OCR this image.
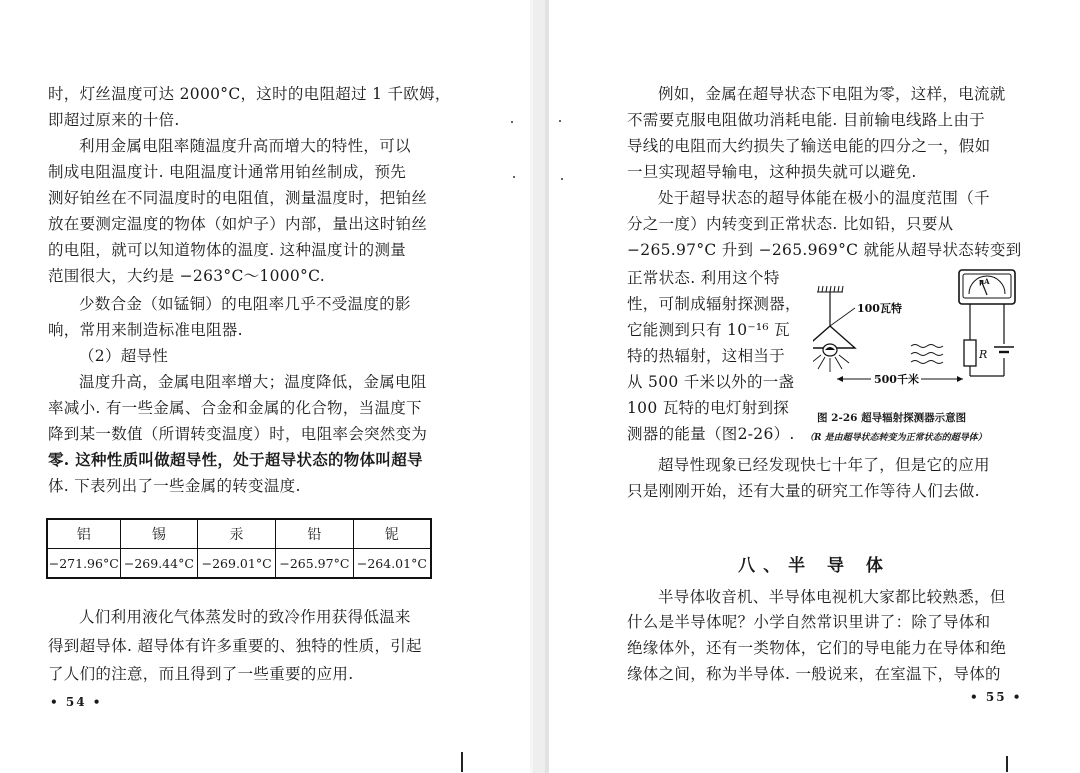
时，灯丝温度可达 2000°C，这时的电阻超过 1 千欧姆，
即超过原来的十倍.
利用金属电阻率随温度升高而增大的特性，可以
制成电阻温度计. 电阻温度计通常用铂丝制成，预先
测好铂丝在不同温度时的电阻值，测量温度时，把铂丝
放在要测定温度的物体（如炉子）内部，量出这时铂丝
的电阻，就可以知道物体的温度. 这种温度计的测量
范围很大，大约是 −263°C～1000°C.
少数合金（如锰铜）的电阻率几乎不受温度的影
响，常用来制造标准电阻器.
（2）超导性
温度升高，金属电阻率增大；温度降低，金属电阻
率减小. 有一些金属、合金和金属的化合物，当温度下
降到某一数值（所谓转变温度）时，电阻率会突然变为
零. 这种性质叫做超导性，处于超导状态的物体叫超导
体. 下表列出了一些金属的转变温度.
铝	锡	汞	铅	铌
−271.96°C	−269.44°C	−269.01°C	−265.97°C	−264.01°C
人们利用液化气体蒸发时的致冷作用获得低温来
得到超导体. 超导体有许多重要的、独特的性质，引起
了人们的注意，而且得到了一些重要的应用.
• 54 •
例如，金属在超导状态下电阻为零，这样，电流就
不需要克服电阻做功消耗电能. 目前输电线路上由于
导线的电阻而大约损失了输送电能的四分之一，假如
一旦实现超导输电，这种损失就可以避免.
处于超导状态的超导体能在极小的温度范围（千
分之一度）内转变到正常状态. 比如铅，只要从
−265.97°C 升到 −265.969°C 就能从超导状态转变到
正常状态. 利用这个特
性，可制成辐射探测器，
它能测到只有 10⁻¹⁶ 瓦
特的热辐射，这相当于
从 500 千米以外的一盏
100 瓦特的电灯射到探
测器的能量（图2-26）.
100瓦特
500千米
μA
R
图 2-26 超导辐射探测器示意图
（R 是由超导状态转变为正常状态的超导体）
超导性现象已经发现快七十年了，但是它的应用
只是刚刚开始，还有大量的研究工作等待人们去做.
八、半 导 体
半导体收音机、半导体电视机大家都比较熟悉，但
什么是半导体呢？小学自然常识里讲了：除了导体和
绝缘体外，还有一类物体，它们的导电能力在导体和绝
缘体之间，称为半导体. 一般说来，在室温下，导体的
• 55 •
